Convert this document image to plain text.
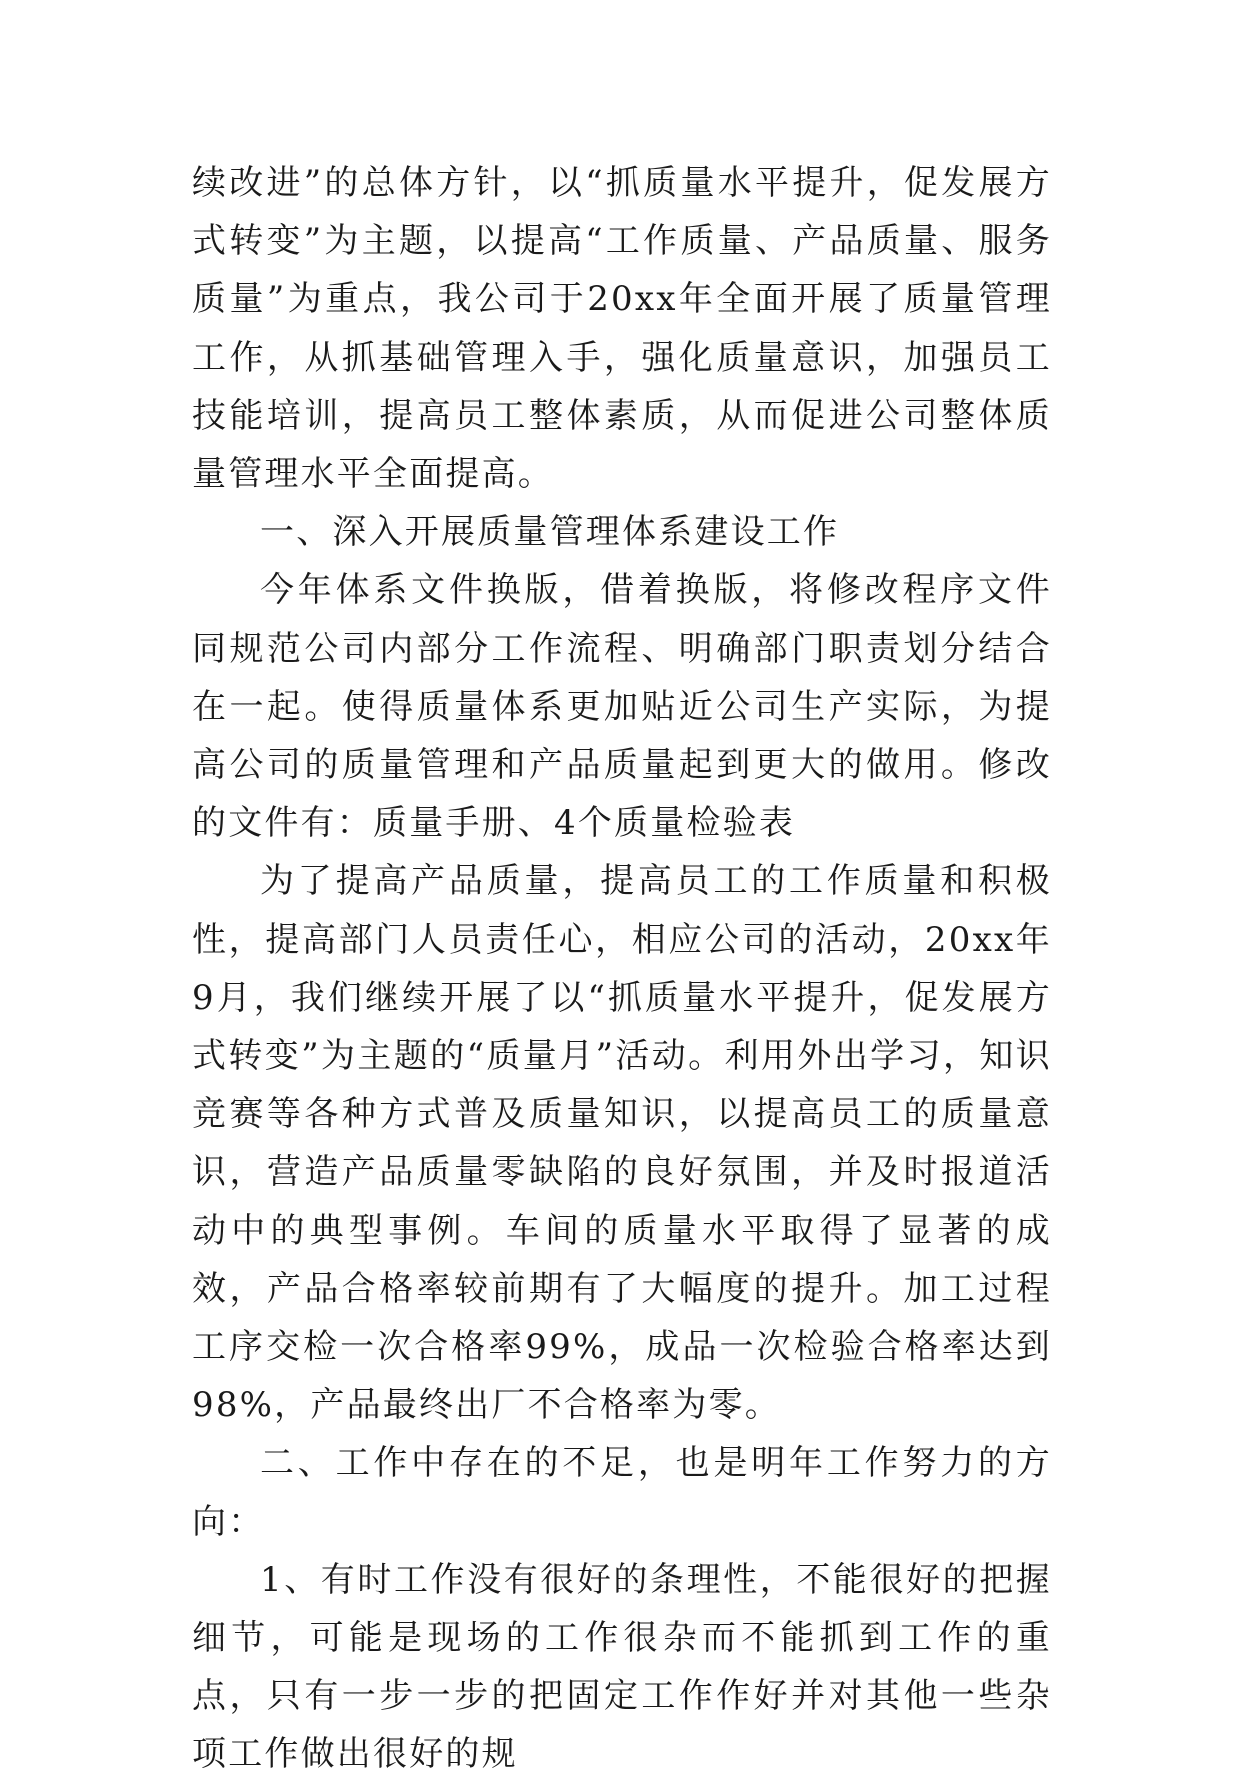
续改进”的总体方针，以“抓质量水平提升，促发展方式转变”为主题，以提高“工作质量、产品质量、服务质量”为重点，我公司于20xx年全面开展了质量管理工作，从抓基础管理入手，强化质量意识，加强员工技能培训，提高员工整体素质，从而促进公司整体质量管理水平全面提高。

一、深入开展质量管理体系建设工作

今年体系文件换版，借着换版，将修改程序文件同规范公司内部分工作流程、明确部门职责划分结合在一起。使得质量体系更加贴近公司生产实际，为提高公司的质量管理和产品质量起到更大的做用。修改的文件有：质量手册、4个质量检验表

为了提高产品质量，提高员工的工作质量和积极性，提高部门人员责任心，相应公司的活动，20xx年9月，我们继续开展了以“抓质量水平提升，促发展方式转变”为主题的“质量月”活动。利用外出学习，知识竞赛等各种方式普及质量知识，以提高员工的质量意识，营造产品质量零缺陷的良好氛围，并及时报道活动中的典型事例。车间的质量水平取得了显著的成效，产品合格率较前期有了大幅度的提升。加工过程工序交检一次合格率99%，成品一次检验合格率达到98%，产品最终出厂不合格率为零。

二、工作中存在的不足，也是明年工作努力的方向：

1、有时工作没有很好的条理性，不能很好的把握细节，可能是现场的工作很杂而不能抓到工作的重点，只有一步一步的把固定工作作好并对其他一些杂项工作做出很好的规
